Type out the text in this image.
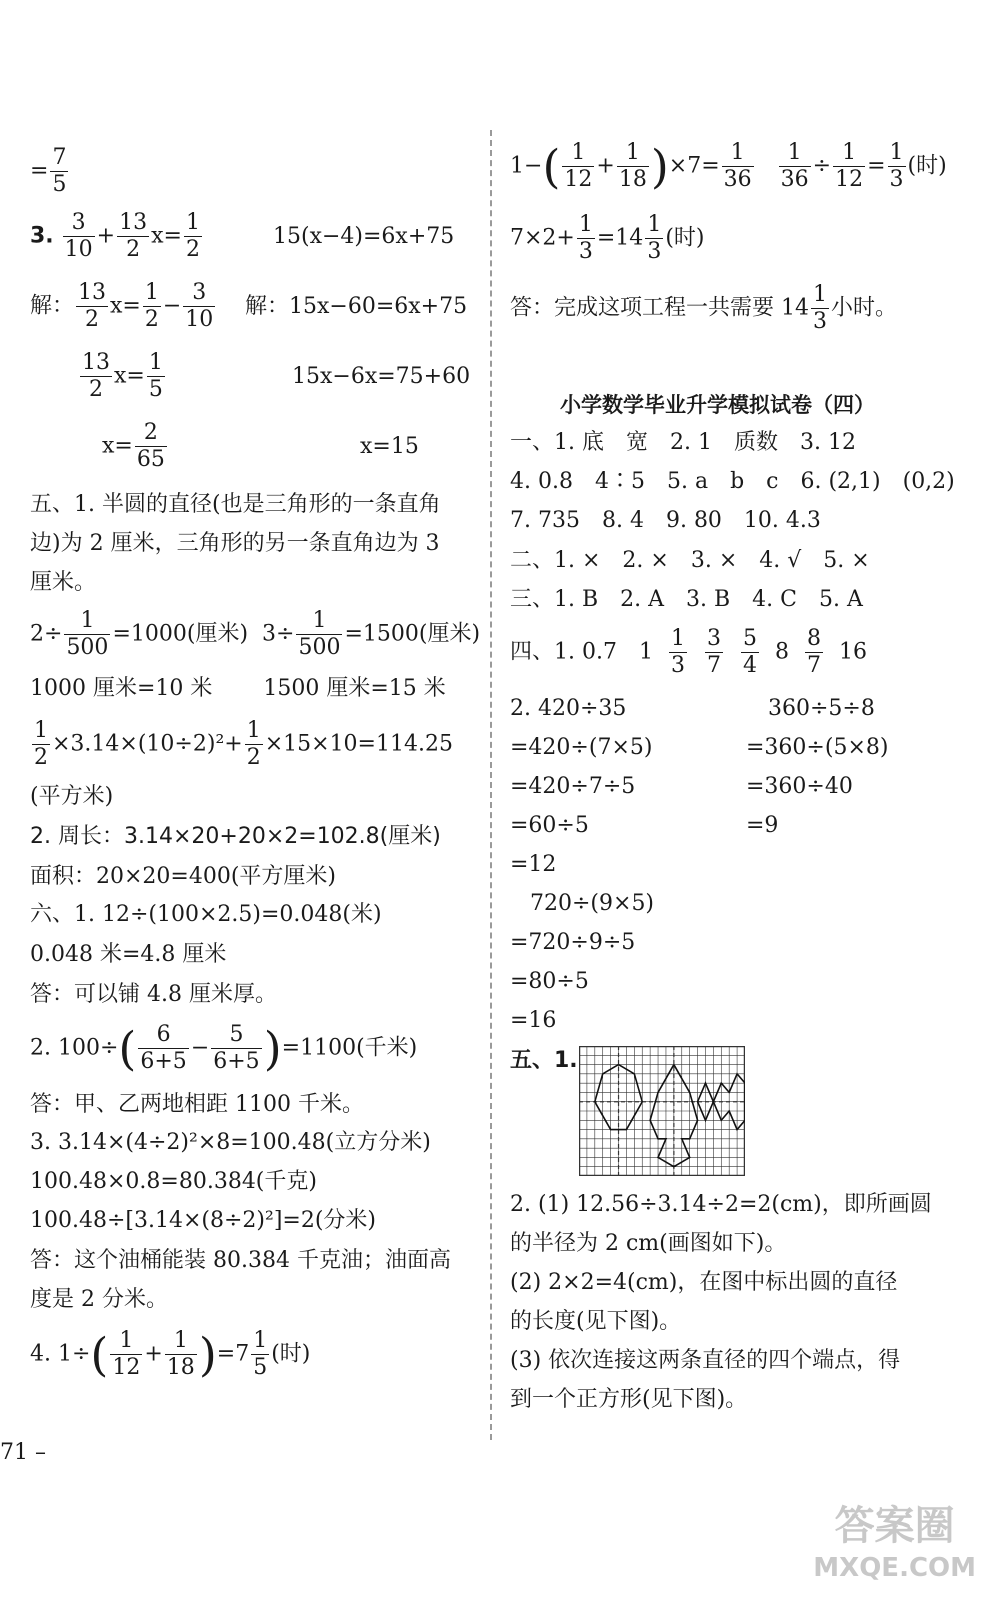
= $\frac{7}{5}$
3. $\frac{3}{10} + \frac{13}{2} x= \frac{1}{2}$	15(x−4)=6x+75
解： $\frac{13}{2} x= \frac{1}{2} - \frac{3}{10}$ 解：15x−60=6x+75
$\frac{13}{2} x= \frac{1}{5}$	15x−6x=75+60
$x= \frac{2}{65}$	x=15
五、1. 半圆的直径(也是三角形的一条直角
边)为 2 厘米，三角形的另一条直角边为 3
厘米。
$2\div \frac{1}{500} =1000$(厘米) $3\div \frac{1}{500} =1500$(厘米)
1000 厘米=10 米　　 1500 厘米=15 米
$\frac{1}{2} \times 3.14\times(10\div 2)^2+ \frac{1}{2} \times 15\times 10=114.25$
(平方米)
2. 周长：3.14×20+20×2=102.8(厘米)
面积：20×20=400(平方厘米)
六、1. 12÷(100×2.5)=0.048(米)
0.048 米=4.8 厘米
答：可以铺 4.8 厘米厚。
2. $100\div( \frac{6}{6+5} - \frac{5}{6+5} )=1100$(千米)
答：甲、乙两地相距 1100 千米。
3. 3.14×(4÷2)²×8=100.48(立方分米)
100.48×0.8=80.384(千克)
100.48÷[3.14×(8÷2)²]=2(分米)
答：这个油桶能装 80.384 千克油；油面高
度是 2 分米。
4. $1\div( \frac{1}{12} + \frac{1}{18} )=7 \frac{1}{5}$ (时)
$1-( \frac{1}{12} + \frac{1}{18} )\times 7= \frac{1}{36}$
$\frac{1}{36} \div \frac{1}{12} = \frac{1}{3}$ (时)
$7\times 2+ \frac{1}{3} =14 \frac{1}{3}$ (时)
答：完成这项工程一共需要 $14 \frac{1}{3}$ 小时。
小学数学毕业升学模拟试卷（四）
一、1. 底　宽　2. 1　质数　3. 12
4. 0.8　4∶5　5. a　b　c　6. (2,1)　(0,2)
7. 735　8. 4　9. 80　10. 4.3
二、1. ×　2. ×　3. ×　4. √　5. ×
三、1. B　2. A　3. B　4. C　5. A
四、1. 0.7　$1 \frac{1}{3}$
$\frac{3}{7}$
$\frac{5}{4} 8 \frac{8}{7} 16$
2. 420÷35	360÷5÷8
=420÷(7×5)	=360÷(5×8)
=420÷7÷5	=360÷40
=60÷5	=9
=12
720÷(9×5)
=720÷9÷5
=80÷5
=16
五、1.
2. (1) 12.56÷3.14÷2=2(cm)，即所画圆
的半径为 2 cm(画图如下)。
(2) 2×2=4(cm)，在图中标出圆的直径
的长度(见下图)。
(3) 依次连接这两条直径的四个端点，得
到一个正方形(见下图)。
71 –
答案圈
MXQE.COM
